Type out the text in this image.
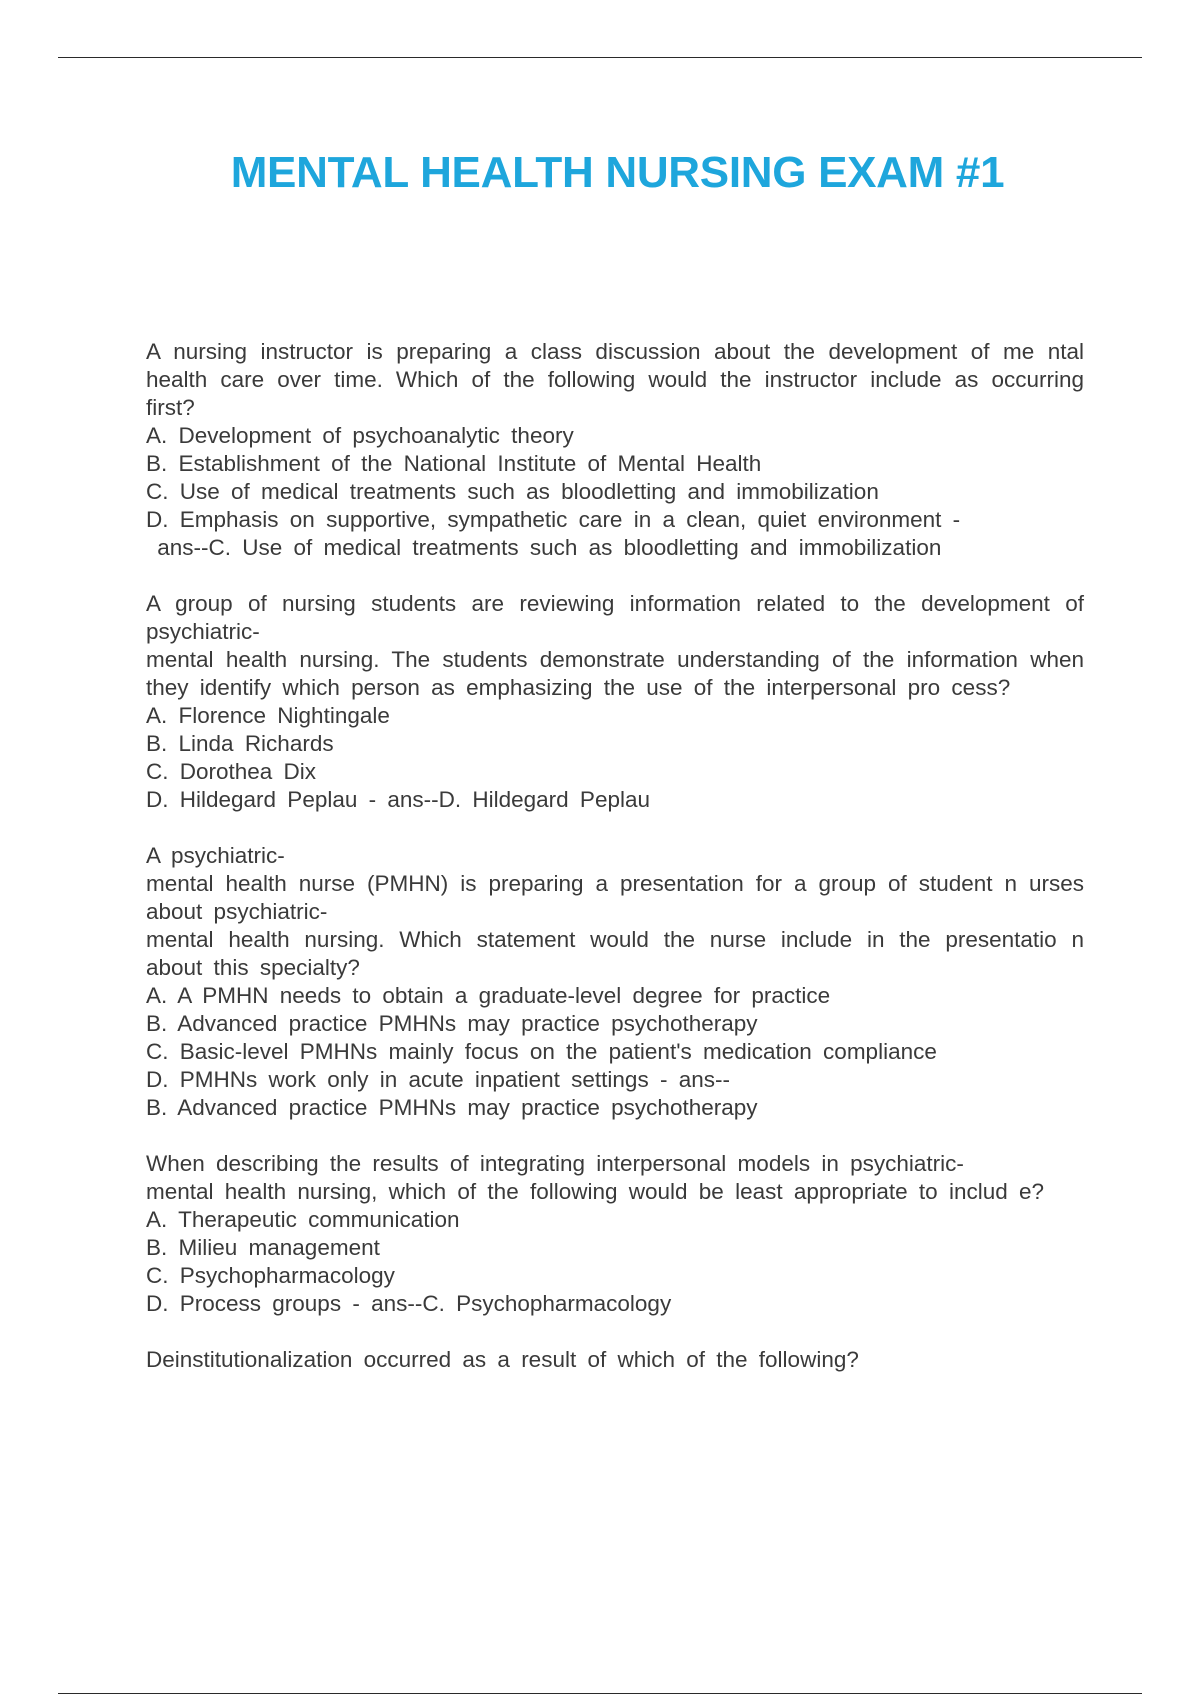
MENTAL HEALTH NURSING EXAM #1

A nursing instructor is preparing a class discussion about the development of me ntal health care over time. Which of the following would the instructor include as occurring first?

A. Development of psychoanalytic theory

B. Establishment of the National Institute of Mental Health

C. Use of medical treatments such as bloodletting and immobilization

D. Emphasis on supportive, sympathetic care in a clean, quiet environment -

ans--C. Use of medical treatments such as bloodletting and immobilization

A group of nursing students are reviewing information related to the development of psychiatric-

mental health nursing. The students demonstrate understanding of the information when they identify which person as emphasizing the use of the interpersonal pro cess?

A. Florence Nightingale

B. Linda Richards

C. Dorothea Dix

D. Hildegard Peplau - ans--D. Hildegard Peplau

A psychiatric-

mental health nurse (PMHN) is preparing a presentation for a group of student n urses about psychiatric-

mental health nursing. Which statement would the nurse include in the presentatio n about this specialty?

A. A PMHN needs to obtain a graduate-level degree for practice

B. Advanced practice PMHNs may practice psychotherapy

C. Basic-level PMHNs mainly focus on the patient's medication compliance

D. PMHNs work only in acute inpatient settings - ans--

B. Advanced practice PMHNs may practice psychotherapy

When describing the results of integrating interpersonal models in psychiatric-

mental health nursing, which of the following would be least appropriate to includ e?

A. Therapeutic communication

B. Milieu management

C. Psychopharmacology

D. Process groups - ans--C. Psychopharmacology

Deinstitutionalization occurred as a result of which of the following?
